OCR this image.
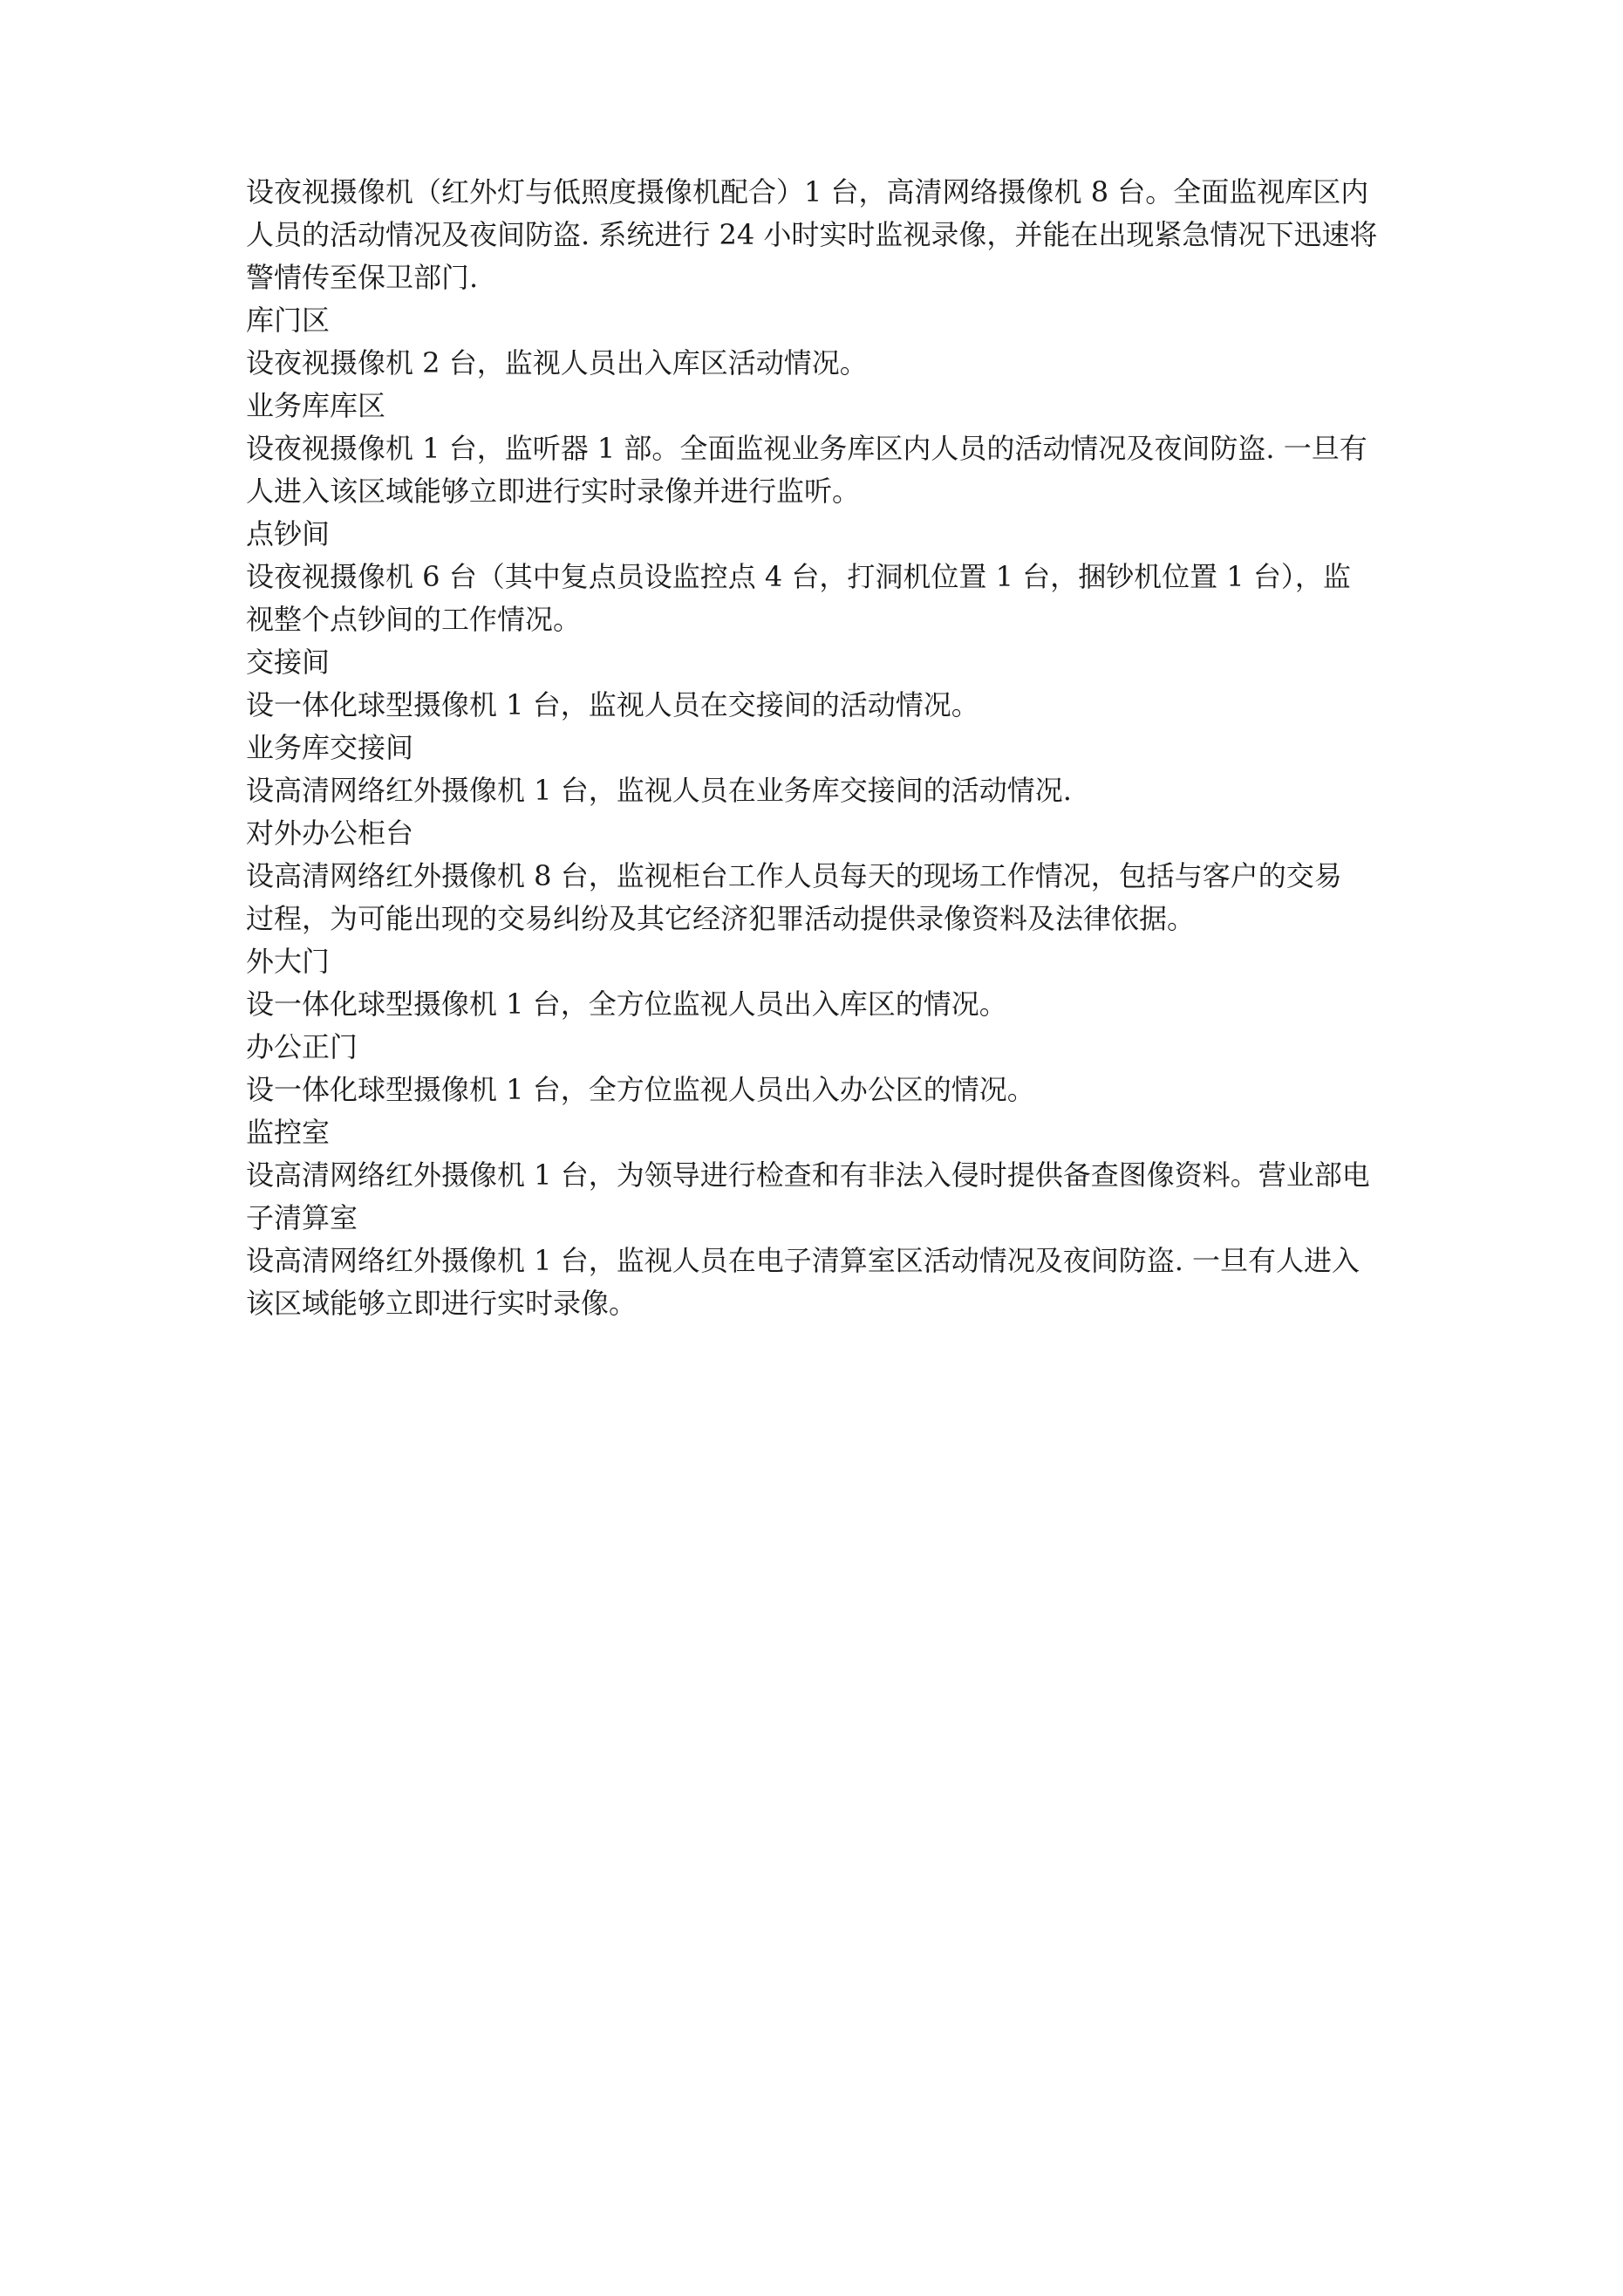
设夜视摄像机（红外灯与低照度摄像机配合）1 台，高清网络摄像机 8 台。全面监视库区内

人员的活动情况及夜间防盗. 系统进行 24 小时实时监视录像，并能在出现紧急情况下迅速将

警情传至保卫部门.

库门区

设夜视摄像机 2 台，监视人员出入库区活动情况。

业务库库区

设夜视摄像机 1 台，监听器 1 部。全面监视业务库区内人员的活动情况及夜间防盗. 一旦有

人进入该区域能够立即进行实时录像并进行监听。

点钞间

设夜视摄像机 6 台（其中复点员设监控点 4 台，打洞机位置 1 台，捆钞机位置 1 台），监

视整个点钞间的工作情况。

交接间

设一体化球型摄像机 1 台，监视人员在交接间的活动情况。

业务库交接间

设高清网络红外摄像机 1 台，监视人员在业务库交接间的活动情况.

对外办公柜台

设高清网络红外摄像机 8 台，监视柜台工作人员每天的现场工作情况，包括与客户的交易

过程，为可能出现的交易纠纷及其它经济犯罪活动提供录像资料及法律依据。

外大门

设一体化球型摄像机 1 台，全方位监视人员出入库区的情况。

办公正门

设一体化球型摄像机 1 台，全方位监视人员出入办公区的情况。

监控室

设高清网络红外摄像机 1 台，为领导进行检查和有非法入侵时提供备查图像资料。营业部电

子清算室

设高清网络红外摄像机 1 台，监视人员在电子清算室区活动情况及夜间防盗. 一旦有人进入

该区域能够立即进行实时录像。
